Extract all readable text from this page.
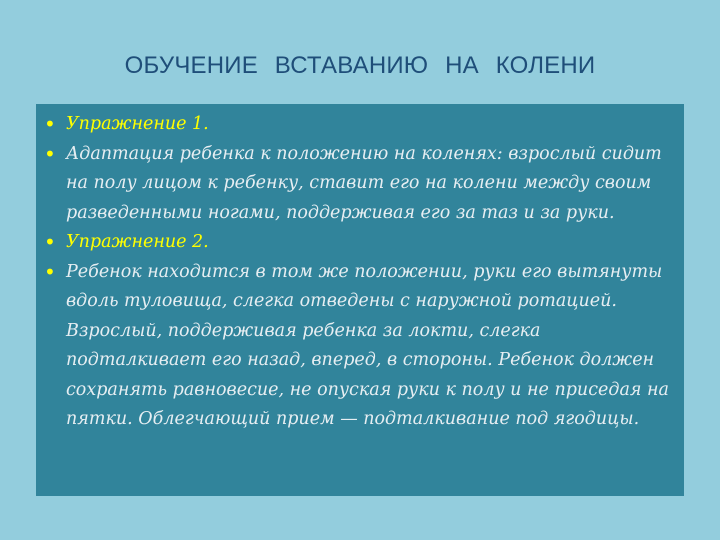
ОБУЧЕНИЕ ВСТАВАНИЮ НА КОЛЕНИ
• Упражнение 1.
• Адаптация ребенка к положению на коленях: взрослый сидит на полу лицом к ребенку, ставит его на колени между своим разведенными ногами, поддерживая его за таз и за руки.
• Упражнение 2.
• Ребенок находится в том же положении, руки его вытянуты вдоль туловища, слегка отведены с наружной ротацией. Взрослый, поддерживая ребенка за локти, слегка подталкивает его назад, вперед, в стороны. Ребенок должен сохранять равновесие, не опуская руки к полу и не приседая на пятки. Облегчающий прием — подталкивание под ягодицы.
